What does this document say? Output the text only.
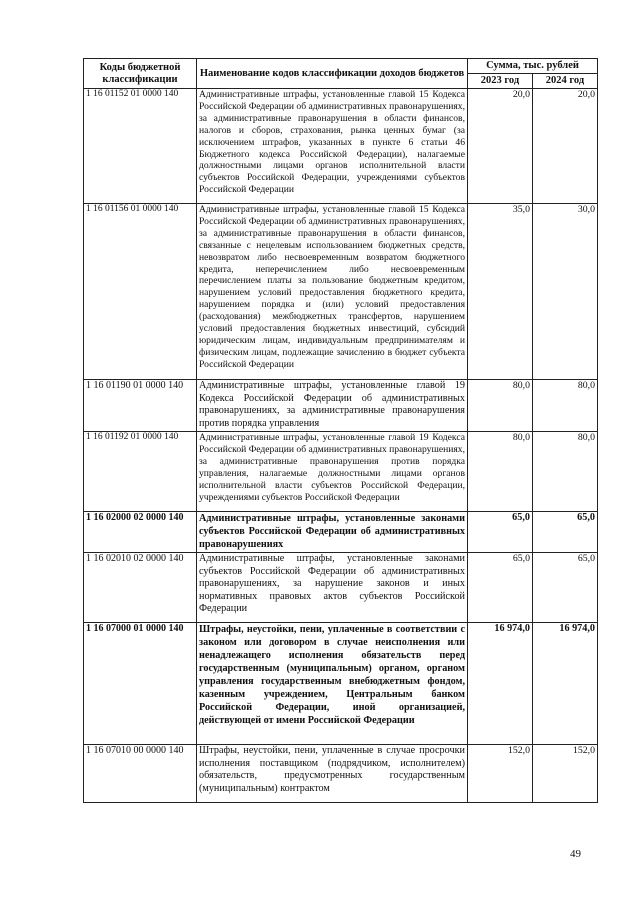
Коды бюджетной классификации	Наименование кодов классификации доходов бюджетов	Сумма, тыс. рублей	
		2023 год	2024 год
1 16 01152 01 0000 140	Административные штрафы, установленные главой 15 Кодекса Российской Федерации об административных правонарушениях, за административные правонарушения в области финансов, налогов и сборов, страхования, рынка ценных бумаг (за исключением штрафов, указанных в пункте 6 статьи 46 Бюджетного кодекса Российской Федерации), налагаемые должностными лицами органов исполнительной власти субъектов Российской Федерации, учреждениями субъектов Российской Федерации	20,0	20,0
1 16 01156 01 0000 140	Административные штрафы, установленные главой 15 Кодекса Российской Федерации об административных правонарушениях, за административные правонарушения в области финансов, связанные с нецелевым использованием бюджетных средств, невозвратом либо несвоевременным возвратом бюджетного кредита, неперечислением либо несвоевременным перечислением платы за пользование бюджетным кредитом, нарушением условий предоставления бюджетного кредита, нарушением порядка и (или) условий предоставления (расходования) межбюджетных трансфертов, нарушением условий предоставления бюджетных инвестиций, субсидий юридическим лицам, индивидуальным предпринимателям и физическим лицам, подлежащие зачислению в бюджет субъекта Российской Федерации	35,0	30,0
1 16 01190 01 0000 140	Административные штрафы, установленные главой 19 Кодекса Российской Федерации об административных правонарушениях, за административные правонарушения против порядка управления	80,0	80,0
1 16 01192 01 0000 140	Административные штрафы, установленные главой 19 Кодекса Российской Федерации об административных правонарушениях, за административные правонарушения против порядка управления, налагаемые должностными лицами органов исполнительной власти субъектов Российской Федерации, учреждениями субъектов Российской Федерации	80,0	80,0
1 16 02000 02 0000 140	Административные штрафы, установленные законами субъектов Российской Федерации об административных правонарушениях	65,0	65,0
1 16 02010 02 0000 140	Административные штрафы, установленные законами субъектов Российской Федерации об административных правонарушениях, за нарушение законов и иных нормативных правовых актов субъектов Российской Федерации	65,0	65,0
1 16 07000 01 0000 140	Штрафы, неустойки, пени, уплаченные в соответствии с законом или договором в случае неисполнения или ненадлежащего исполнения обязательств перед государственным (муниципальным) органом, органом управления государственным внебюджетным фондом, казенным учреждением, Центральным банком Российской Федерации, иной организацией, действующей от имени Российской Федерации	16 974,0	16 974,0
1 16 07010 00 0000 140	Штрафы, неустойки, пени, уплаченные в случае просрочки исполнения поставщиком (подрядчиком, исполнителем) обязательств, предусмотренных государственным (муниципальным) контрактом	152,0	152,0
49
